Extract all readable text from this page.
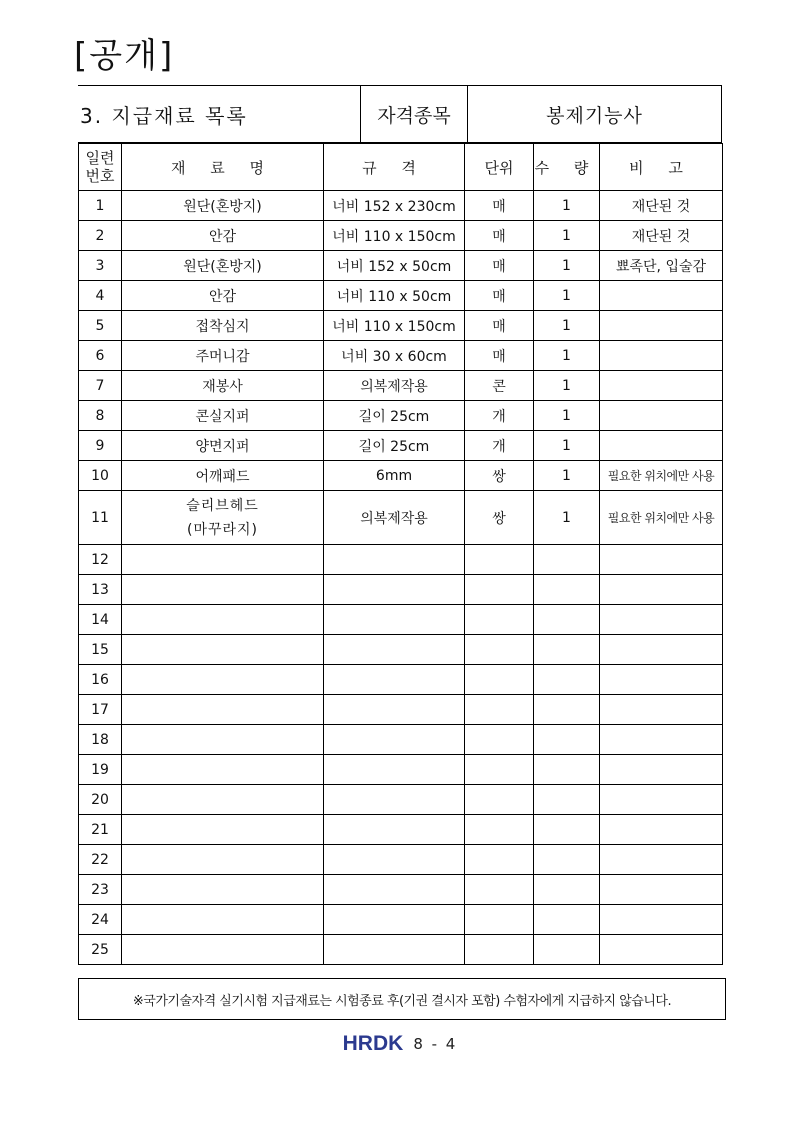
[공개]
3. 지급재료 목록	자격종목	봉제기능사
일련
번호	재 료 명	규 격	단위	수 량	비 고
1	원단(혼방지)	너비 152 x 230cm	매	1	재단된 것
2	안감	너비 110 x 150cm	매	1	재단된 것
3	원단(혼방지)	너비 152 x 50cm	매	1	뾰족단, 입술감
4	안감	너비 110 x 50cm	매	1	
5	접착심지	너비 110 x 150cm	매	1	
6	주머니감	너비 30 x 60cm	매	1	
7	재봉사	의복제작용	콘	1	
8	콘실지퍼	길이 25cm	개	1	
9	양면지퍼	길이 25cm	개	1	
10	어깨패드	6mm	쌍	1	필요한 위치에만 사용
11	슬리브헤드
(마꾸라지)	의복제작용	쌍	1	필요한 위치에만 사용
12					
13					
14					
15					
16					
17					
18					
19					
20					
21					
22					
23					
24					
25					
※국가기술자격 실기시험 지급재료는 시험종료 후(기권 결시자 포함) 수험자에게 지급하지 않습니다.
HRDK 8 - 4
